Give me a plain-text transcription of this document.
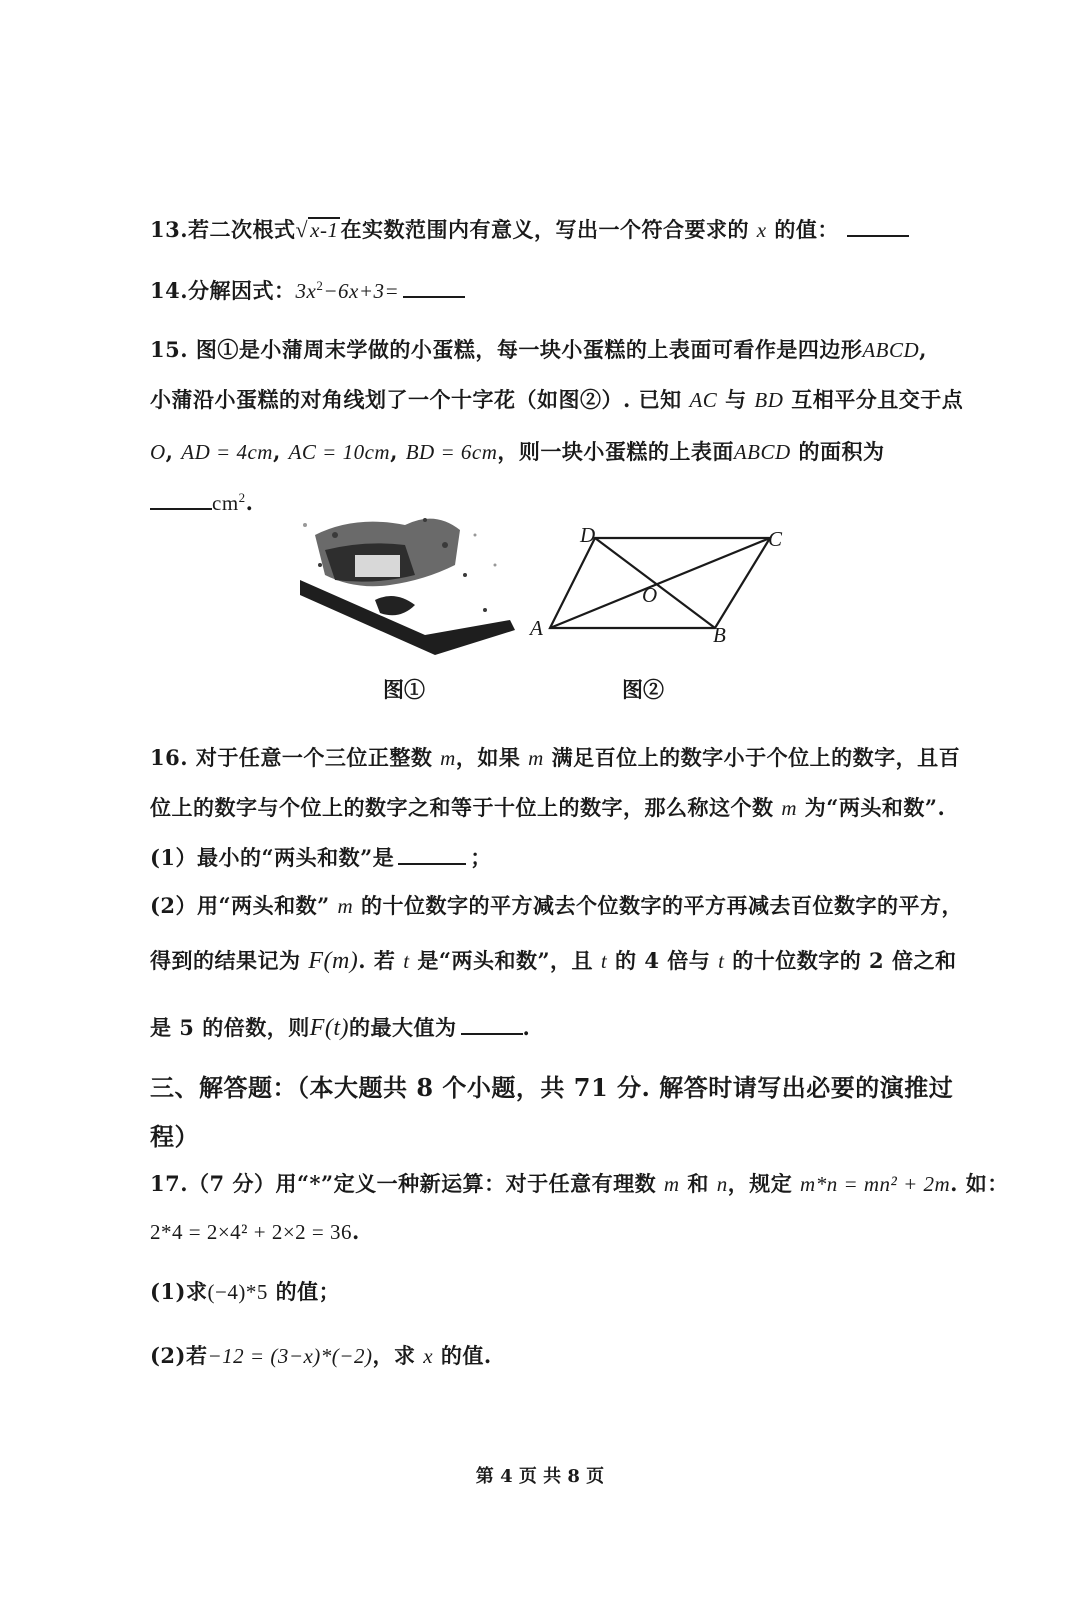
13.若二次根式√x-1在实数范围内有意义，写出一个符合要求的 x 的值：
14.分解因式：$3x^2-6x+3=$
15. 图①是小蒲周末学做的小蛋糕，每一块小蛋糕的上表面可看作是四边形ABCD,
小蒲沿小蛋糕的对角线划了一个十字花（如图②）. 已知 AC 与 BD 互相平分且交于点
O, AD = 4cm, AC = 10cm, BD = 6cm，则一块小蛋糕的上表面ABCD 的面积为
$cm^2$.
图①
A	B
C
D
O
图②
16. 对于任意一个三位正整数 m，如果 m 满足百位上的数字小于个位上的数字，且百
位上的数字与个位上的数字之和等于十位上的数字，那么称这个数 m 为“两头和数”.
(1）最小的“两头和数”是	；
(2）用“两头和数” m 的十位数字的平方减去个位数字的平方再减去百位数字的平方，
得到的结果记为 F(m). 若 t 是“两头和数”，且 t 的 4 倍与 t 的十位数字的 2 倍之和
是 5 的倍数，则F(t)的最大值为	.
三、解答题：（本大题共 8 个小题，共 71 分. 解答时请写出必要的演推过
程）
17.（7 分）用“*”定义一种新运算：对于任意有理数 m 和 n，规定 m*n = mn² + 2m. 如：
2*4 = 2×4² + 2×2 = 36.
(1)求(−4)*5 的值；
(2)若−12 = (3−x)*(−2)，求 x 的值.
第 4 页 共 8 页
